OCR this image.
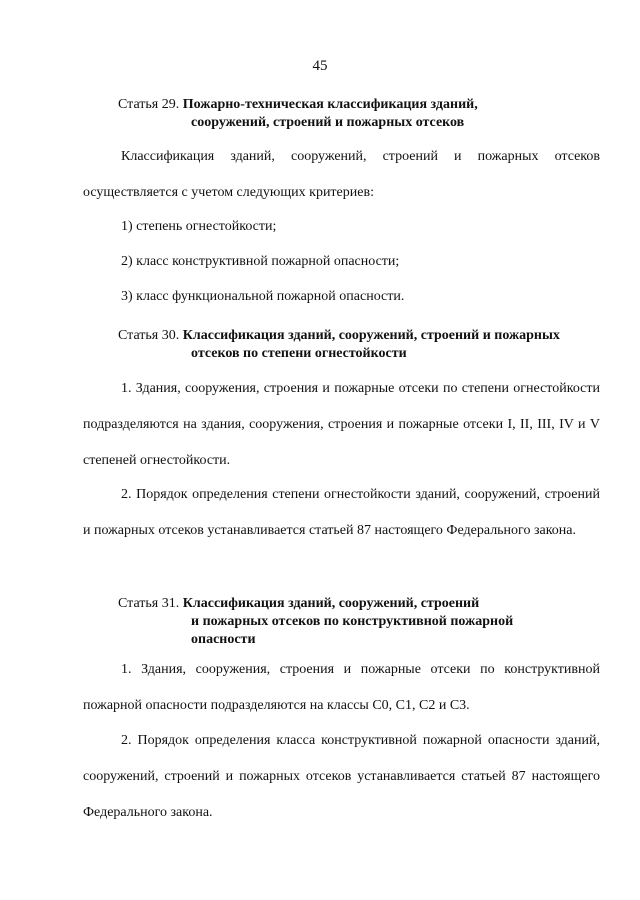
45
Статья 29. Пожарно-техническая классификация зданий,
сооружений, строений и пожарных отсеков
Классификация зданий, сооружений, строений и пожарных отсеков осуществляется с учетом следующих критериев:
1) степень огнестойкости;
2) класс конструктивной пожарной опасности;
3) класс функциональной пожарной опасности.
Статья 30. Классификация зданий, сооружений, строений и пожарных
отсеков по степени огнестойкости
1. Здания, сооружения, строения и пожарные отсеки по степени огнестойкости подразделяются на здания, сооружения, строения и пожарные отсеки I, II, III, IV и V степеней огнестойкости.
2. Порядок определения степени огнестойкости зданий, сооружений, строений и пожарных отсеков устанавливается статьей 87 настоящего Федерального закона.
Статья 31. Классификация зданий, сооружений, строений
и пожарных отсеков по конструктивной пожарной
опасности
1. Здания, сооружения, строения и пожарные отсеки по конструктивной пожарной опасности подразделяются на классы С0, С1, С2 и С3.
2. Порядок определения класса конструктивной пожарной опасности зданий, сооружений, строений и пожарных отсеков устанавливается статьей 87 настоящего Федерального закона.
